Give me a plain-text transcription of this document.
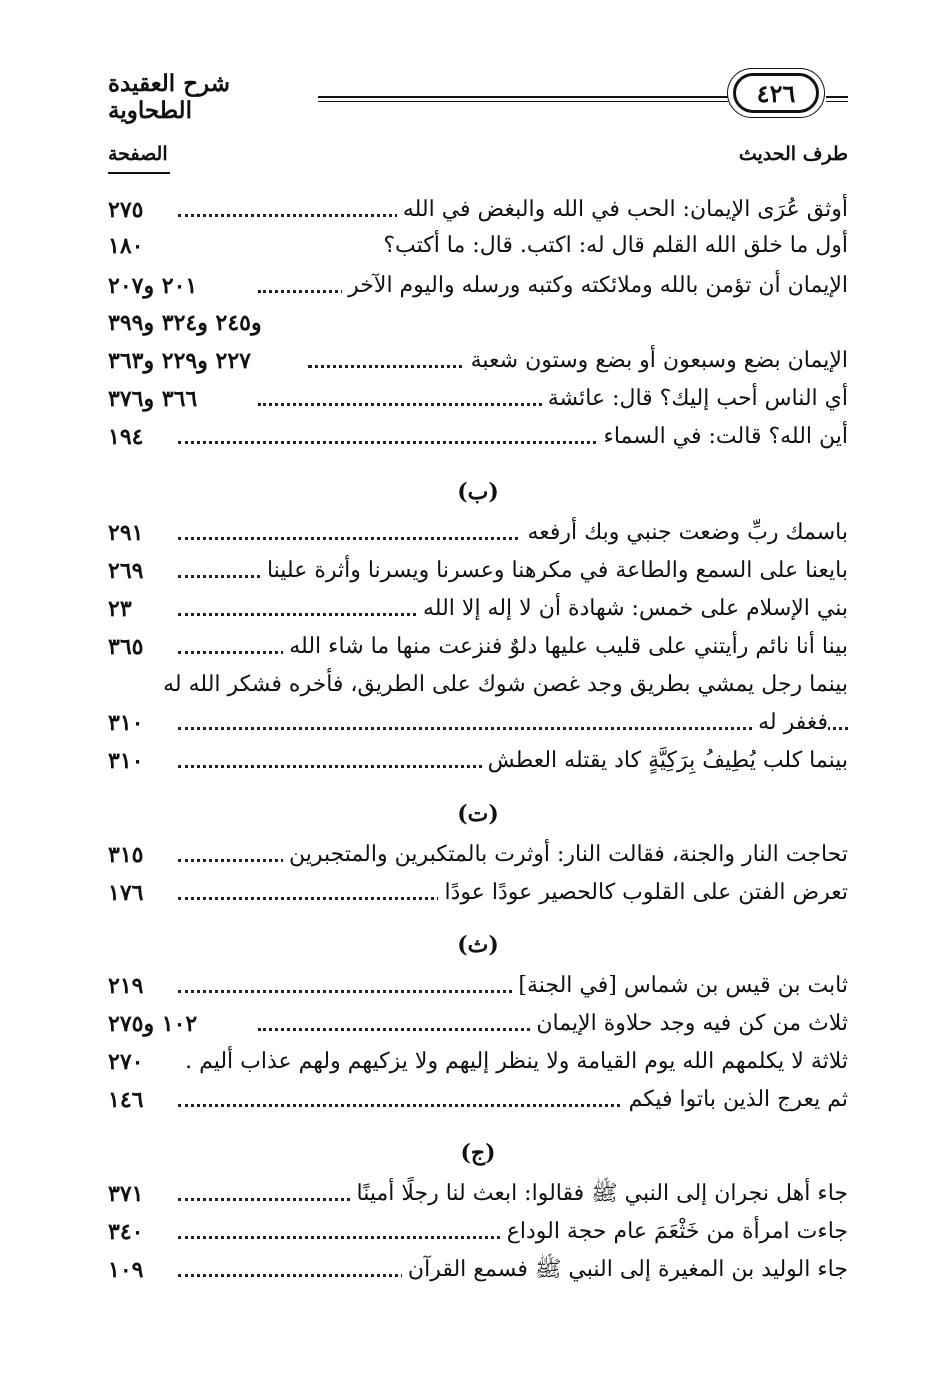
شرح العقيدة الطحاوية
٤٢٦
طرف الحديث
الصفحة
أوثق عُرَى الإيمان: الحب في الله والبغض في الله
٢٧٥
أول ما خلق الله القلم قال له: اكتب. قال: ما أكتب؟
١٨٠
الإيمان أن تؤمن بالله وملائكته وكتبه ورسله واليوم الآخر
٢٠١ و٢٠٧
و٢٤٥ و٣٢٤ و٣٩٩
الإيمان بضع وسبعون أو بضع وستون شعبة
٢٢٧ و٢٢٩ و٣٦٣
أي الناس أحب إليك؟ قال: عائشة
٣٦٦ و٣٧٦
أين الله؟ قالت: في السماء
١٩٤
(ب)
باسمك ربِّ وضعت جنبي وبك أرفعه
٢٩١
بايعنا على السمع والطاعة في مكرهنا وعسرنا ويسرنا وأثرة علينا
٢٦٩
بني الإسلام على خمس: شهادة أن لا إله إلا الله
٢٣
بينا أنا نائم رأيتني على قليب عليها دلوٌ فنزعت منها ما شاء الله
٣٦٥
بينما رجل يمشي بطريق وجد غصن شوك على الطريق، فأخره فشكر الله له
فغفر له
٣١٠
بينما كلب يُطِيفُ بِرَكِيَّةٍ كاد يقتله العطش
٣١٠
(ت)
تحاجت النار والجنة، فقالت النار: أوثرت بالمتكبرين والمتجبرين
٣١٥
تعرض الفتن على القلوب كالحصير عودًا عودًا
١٧٦
(ث)
ثابت بن قيس بن شماس [في الجنة]
٢١٩
ثلاث من كن فيه وجد حلاوة الإيمان
١٠٢ و٢٧٥
ثلاثة لا يكلمهم الله يوم القيامة ولا ينظر إليهم ولا يزكيهم ولهم عذاب أليم .
٢٧٠
ثم يعرج الذين باتوا فيكم
١٤٦
(ج)
جاء أهل نجران إلى النبي ﷺ فقالوا: ابعث لنا رجلًا أمينًا
٣٧١
جاءت امرأة من خَثْعَمَ عام حجة الوداع
٣٤٠
جاء الوليد بن المغيرة إلى النبي ﷺ فسمع القرآن
١٠٩
